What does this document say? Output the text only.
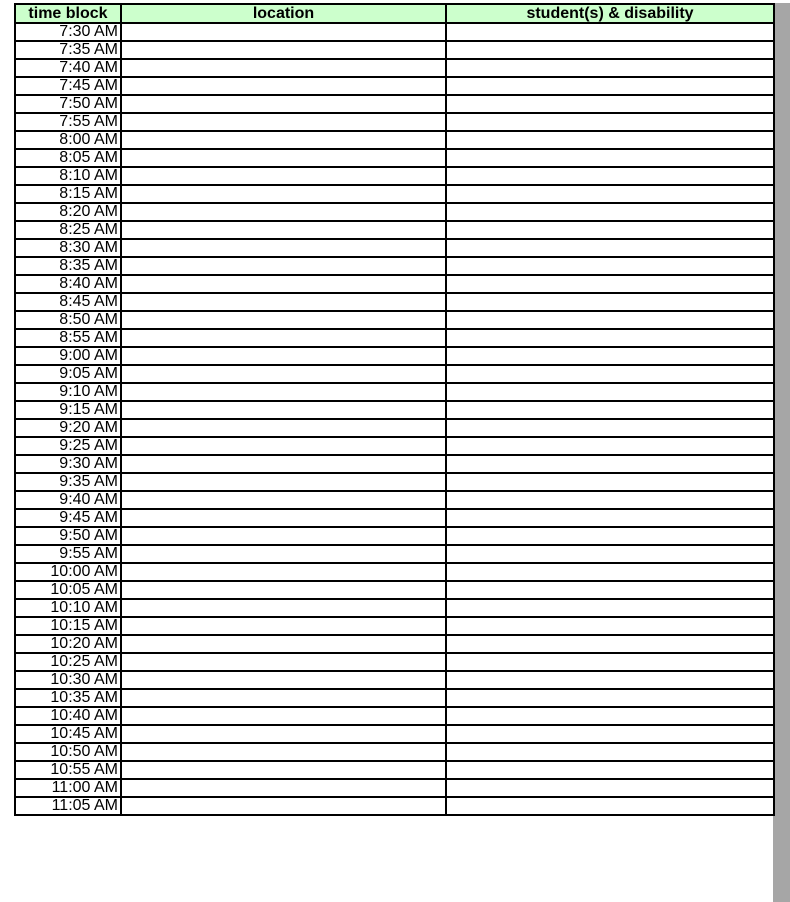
time block	location	student(s) & disability
7:30 AM		
7:35 AM		
7:40 AM		
7:45 AM		
7:50 AM		
7:55 AM		
8:00 AM		
8:05 AM		
8:10 AM		
8:15 AM		
8:20 AM		
8:25 AM		
8:30 AM		
8:35 AM		
8:40 AM		
8:45 AM		
8:50 AM		
8:55 AM		
9:00 AM		
9:05 AM		
9:10 AM		
9:15 AM		
9:20 AM		
9:25 AM		
9:30 AM		
9:35 AM		
9:40 AM		
9:45 AM		
9:50 AM		
9:55 AM		
10:00 AM		
10:05 AM		
10:10 AM		
10:15 AM		
10:20 AM		
10:25 AM		
10:30 AM		
10:35 AM		
10:40 AM		
10:45 AM		
10:50 AM		
10:55 AM		
11:00 AM		
11:05 AM		
